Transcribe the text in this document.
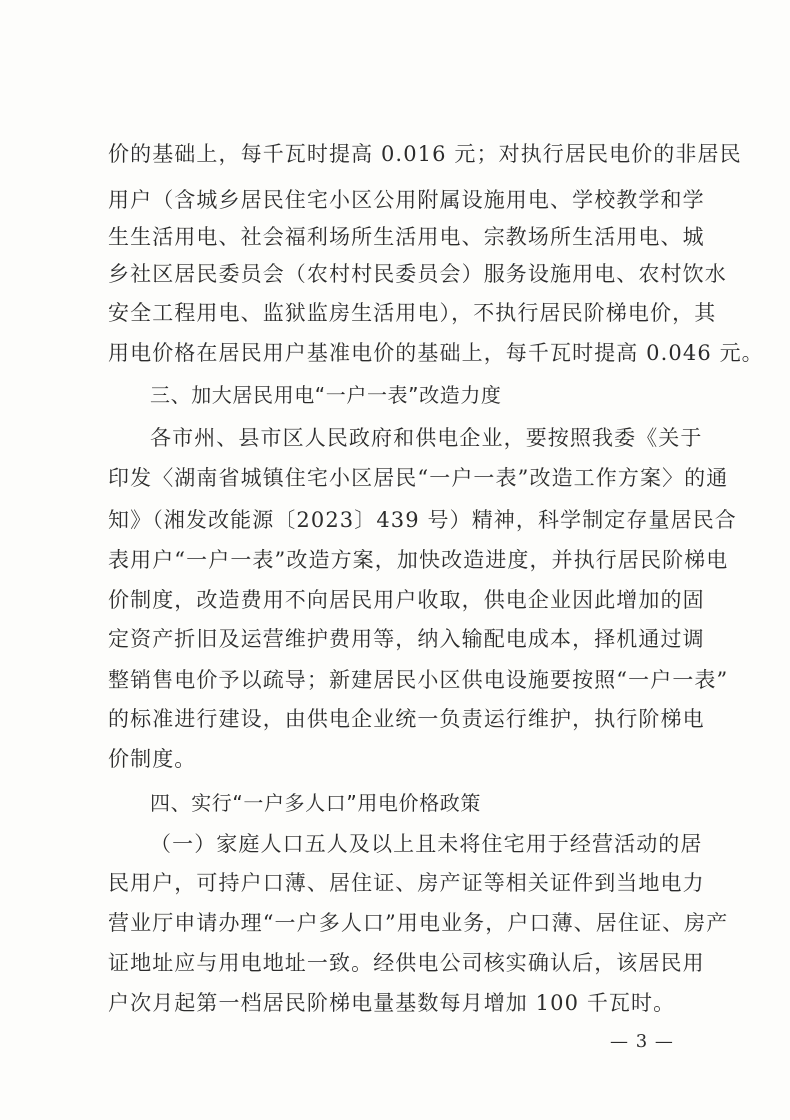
价的基础上，每千瓦时提高 0.016 元；对执行居民电价的非居民
用户（含城乡居民住宅小区公用附属设施用电、学校教学和学
生生活用电、社会福利场所生活用电、宗教场所生活用电、城
乡社区居民委员会（农村村民委员会）服务设施用电、农村饮水
安全工程用电、监狱监房生活用电），不执行居民阶梯电价，其
用电价格在居民用户基准电价的基础上，每千瓦时提高 0.046 元。
三、加大居民用电“一户一表”改造力度
各市州、县市区人民政府和供电企业，要按照我委《关于
印发〈湖南省城镇住宅小区居民“一户一表”改造工作方案〉的通
知》（湘发改能源〔2023〕439 号）精神，科学制定存量居民合
表用户“一户一表”改造方案，加快改造进度，并执行居民阶梯电
价制度，改造费用不向居民用户收取，供电企业因此增加的固
定资产折旧及运营维护费用等，纳入输配电成本，择机通过调
整销售电价予以疏导；新建居民小区供电设施要按照“一户一表”
的标准进行建设，由供电企业统一负责运行维护，执行阶梯电
价制度。
四、实行“一户多人口”用电价格政策
（一）家庭人口五人及以上且未将住宅用于经营活动的居
民用户，可持户口薄、居住证、房产证等相关证件到当地电力
营业厅申请办理“一户多人口”用电业务，户口薄、居住证、房产
证地址应与用电地址一致。经供电公司核实确认后，该居民用
户次月起第一档居民阶梯电量基数每月增加 100 千瓦时。
— 3 —
